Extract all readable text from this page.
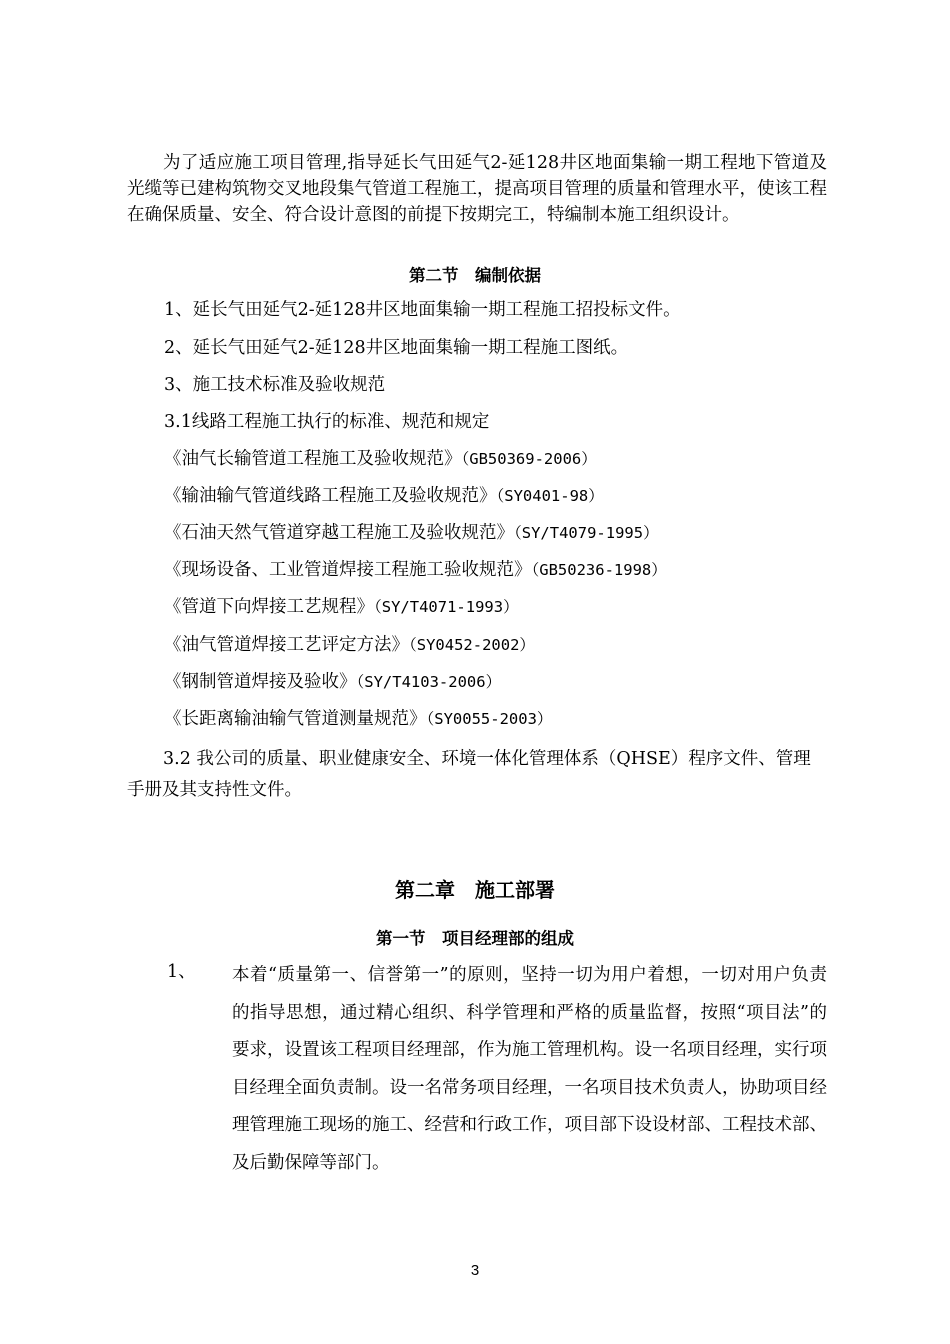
为了适应施工项目管理,指导延长气田延气2-延128井区地面集输一期工程地下管道及光缆等已建构筑物交叉地段集气管道工程施工，提高项目管理的质量和管理水平，使该工程在确保质量、安全、符合设计意图的前提下按期完工，特编制本施工组织设计。

第二节　编制依据
1、延长气田延气2-延128井区地面集输一期工程施工招投标文件。
2、延长气田延气2-延128井区地面集输一期工程施工图纸。
3、施工技术标准及验收规范
3.1线路工程施工执行的标准、规范和规定
《油气长输管道工程施工及验收规范》（GB50369-2006）
《输油输气管道线路工程施工及验收规范》（SY0401-98）
《石油天然气管道穿越工程施工及验收规范》（SY/T4079-1995）
《现场设备、工业管道焊接工程施工验收规范》（GB50236-1998）
《管道下向焊接工艺规程》（SY/T4071-1993）
《油气管道焊接工艺评定方法》（SY0452-2002）
《钢制管道焊接及验收》（SY/T4103-2006）
《长距离输油输气管道测量规范》（SY0055-2003）

3.2 我公司的质量、职业健康安全、环境一体化管理体系（QHSE）程序文件、管理手册及其支持性文件。

第二章　施工部署
第一节　项目经理部的组成
1、 本着“质量第一、信誉第一”的原则，坚持一切为用户着想，一切对用户负责的指导思想，通过精心组织、科学管理和严格的质量监督，按照“项目法”的要求，设置该工程项目经理部，作为施工管理机构。设一名项目经理，实行项目经理全面负责制。设一名常务项目经理，一名项目技术负责人，协助项目经理管理施工现场的施工、经营和行政工作，项目部下设设材部、工程技术部、及后勤保障等部门。

3
